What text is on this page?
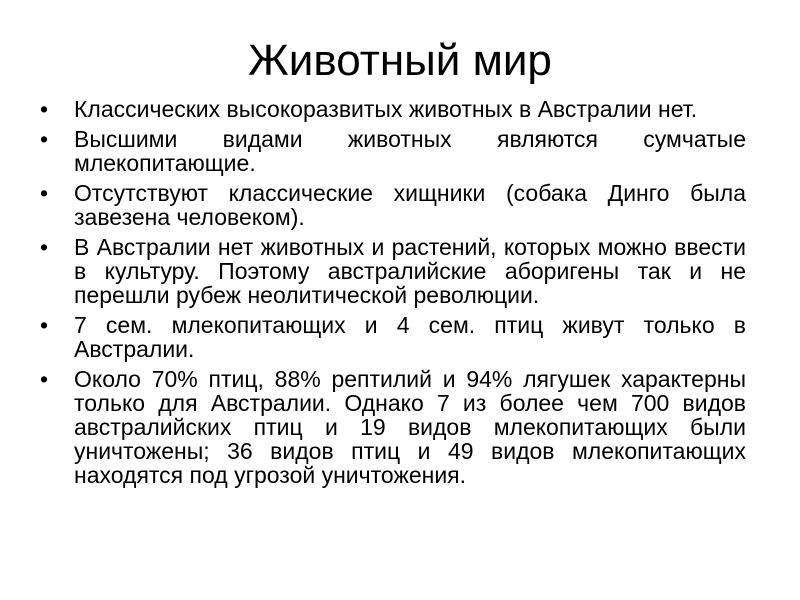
Животный мир
•	Классических высокоразвитых животных в Австралии нет.
•	Высшими видами животных являются сумчатые млекопитающие.
•	Отсутствуют классические хищники (собака Динго была завезена человеком).
•	В Австралии нет животных и растений, которых можно ввести в культуру. Поэтому австралийские аборигены так и не перешли рубеж неолитической революции.
•	7 сем. млекопитающих и 4 сем. птиц живут только в Австралии.
•	Около 70% птиц, 88% рептилий и 94% лягушек характерны только для Австралии. Однако 7 из более чем 700 видов австралийских птиц и 19 видов млекопитающих были уничтожены; 36 видов птиц и 49 видов млекопитающих находятся под угрозой уничтожения.
